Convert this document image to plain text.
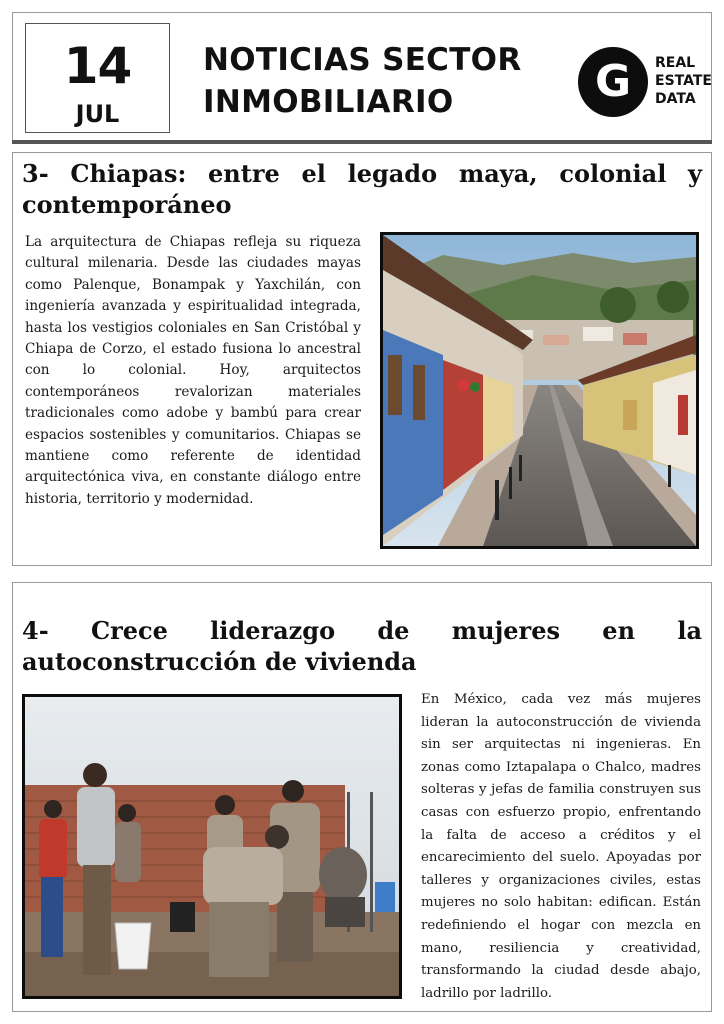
14
JUL
NOTICIAS SECTOR
INMOBILIARIO	G	REAL
ESTATE
DATA
3- Chiapas: entre el legado maya, colonial y contemporáneo

La arquitectura de Chiapas refleja su riqueza cultural milenaria. Desde las ciudades mayas como Palenque, Bonampak y Yaxchilán, con ingeniería avanzada y espiritualidad integrada, hasta los vestigios coloniales en San Cristóbal y Chiapa de Corzo, el estado fusiona lo ancestral con lo colonial. Hoy, arquitectos contemporáneos revalorizan materiales tradicionales como adobe y bambú para crear espacios sostenibles y comunitarios. Chiapas se mantiene como referente de identidad arquitectónica viva, en constante diálogo entre historia, territorio y modernidad.

4- Crece liderazgo de mujeres en la autoconstrucción de vivienda

En México, cada vez más mujeres lideran la autoconstrucción de vivienda sin ser arquitectas ni ingenieras. En zonas como Iztapalapa o Chalco, madres solteras y jefas de familia construyen sus casas con esfuerzo propio, enfrentando la falta de acceso a créditos y el encarecimiento del suelo. Apoyadas por talleres y organizaciones civiles, estas mujeres no solo habitan: edifican. Están redefiniendo el hogar con mezcla en mano, resiliencia y creatividad, transformando la ciudad desde abajo, ladrillo por ladrillo.
